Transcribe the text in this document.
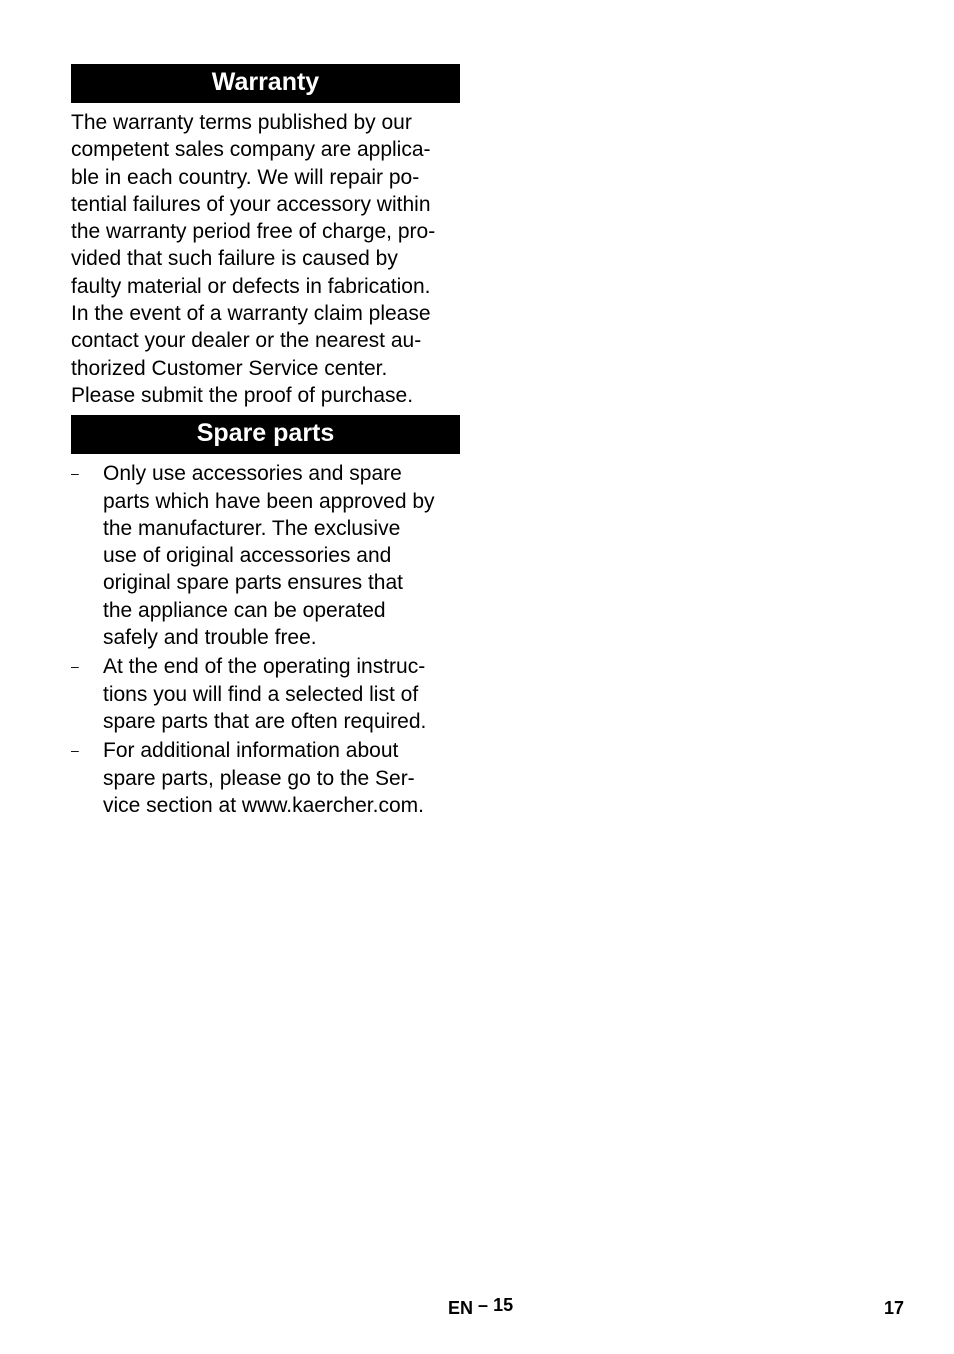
Warranty

The warranty terms published by our
competent sales company are applica-
ble in each country. We will repair po-
tential failures of your accessory within
the warranty period free of charge, pro-
vided that such failure is caused by
faulty material or defects in fabrication.
In the event of a warranty claim please
contact your dealer or the nearest au-
thorized Customer Service center.
Please submit the proof of purchase.

Spare parts
– Only use accessories and spare
parts which have been approved by
the manufacturer. The exclusive
use of original accessories and
original spare parts ensures that
the appliance can be operated
safely and trouble free.
– At the end of the operating instruc-
tions you will find a selected list of
spare parts that are often required.
– For additional information about
spare parts, please go to the Ser-
vice section at www.kaercher.com.
EN – 15	17
